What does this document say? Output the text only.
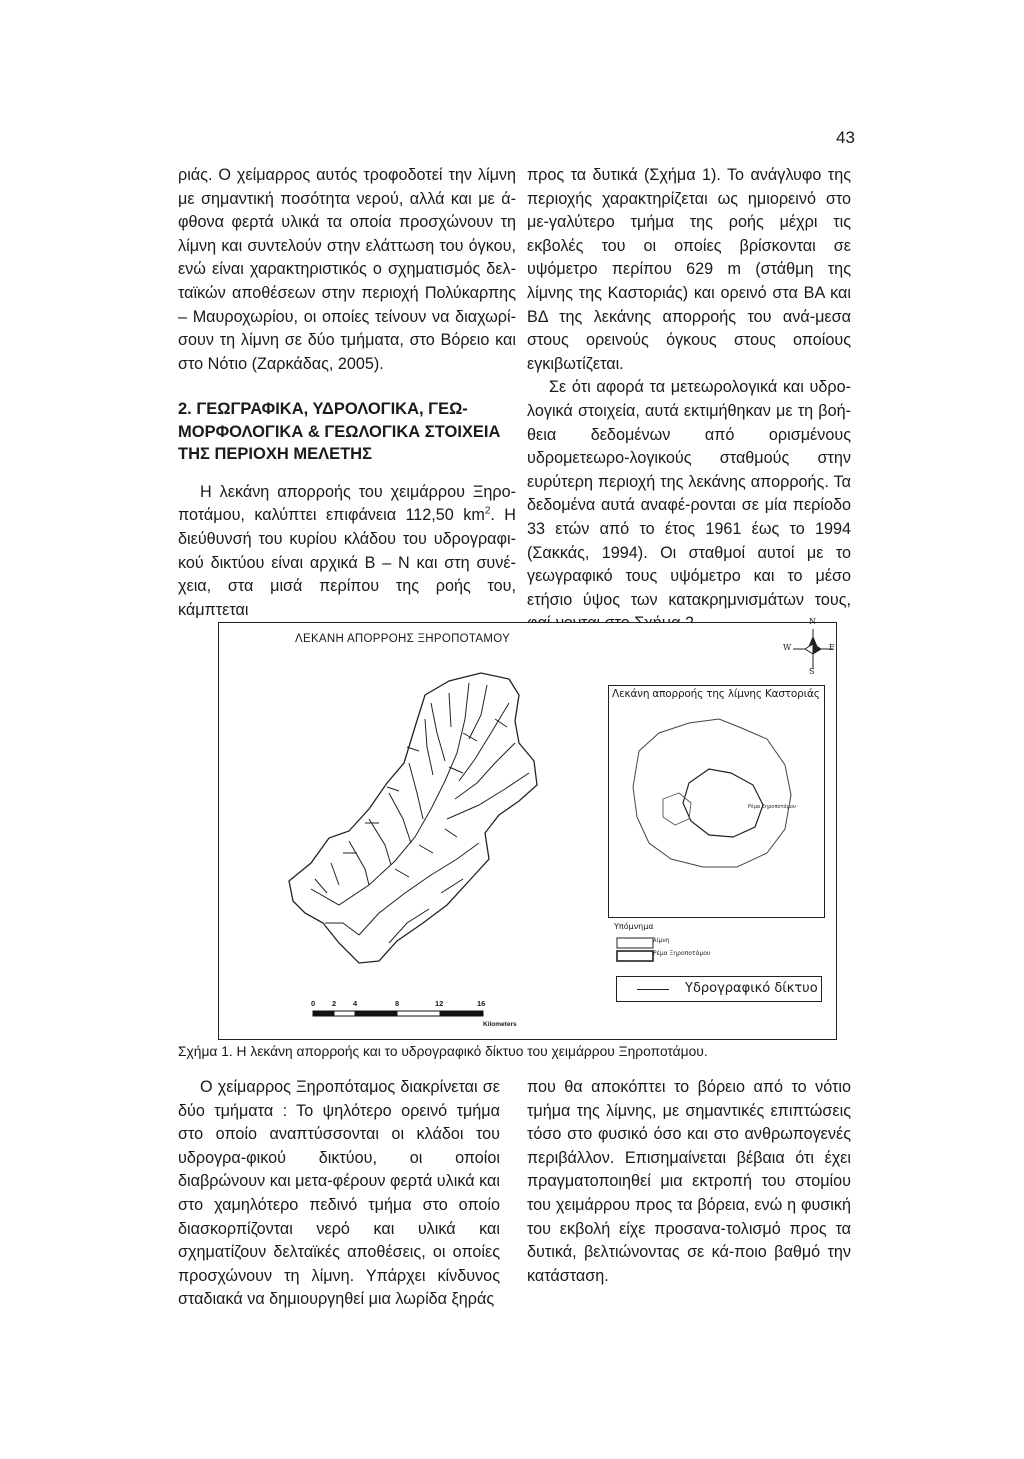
43

ριάς. Ο χείμαρρος αυτός τροφοδοτεί την λίμνη με σημαντική ποσότητα νερού, αλλά και με ά-φθονα φερτά υλικά τα οποία προσχώνουν τη λίμνη και συντελούν στην ελάττωση του όγκου, ενώ είναι χαρακτηριστικός ο σχηματισμός δελ-ταϊκών αποθέσεων στην περιοχή Πολύκαρπης – Μαυροχωρίου, οι οποίες τείνουν να διαχωρί-σουν τη λίμνη σε δύο τμήματα, στο Βόρειο και στο Νότιο (Ζαρκάδας, 2005).

2. ΓΕΩΓΡΑΦΙΚΑ, ΥΔΡΟΛΟΓΙΚΑ, ΓΕΩ-ΜΟΡΦΟΛΟΓΙΚΑ & ΓΕΩΛΟΓΙΚΑ ΣΤΟΙΧΕΙΑ ΤΗΣ ΠΕΡΙΟΧΗ ΜΕΛΕΤΗΣ

Η λεκάνη απορροής του χειμάρρου Ξηρο-ποτάμου, καλύπτει επιφάνεια 112,50 $km^2$. Η διεύθυνσή του κυρίου κλάδου του υδρογραφι-κού δικτύου είναι αρχικά Β – Ν και στη συνέ-χεια, στα μισά περίπου της ροής του, κάμπτεται

προς τα δυτικά (Σχήμα 1). Το ανάγλυφο της περιοχής χαρακτηρίζεται ως ημιορεινό στο με-γαλύτερο τμήμα της ροής μέχρι τις εκβολές του οι οποίες βρίσκονται σε υψόμετρο περίπου 629 m (στάθμη της λίμνης της Καστοριάς) και ορεινό στα ΒΑ και ΒΔ της λεκάνης απορροής του ανά-μεσα στους ορεινούς όγκους στους οποίους εγκιβωτίζεται.

Σε ότι αφορά τα μετεωρολογικά και υδρο-λογικά στοιχεία, αυτά εκτιμήθηκαν με τη βοή-θεια δεδομένων από ορισμένους υδρομετεωρο-λογικούς σταθμούς στην ευρύτερη περιοχή της λεκάνης απορροής. Τα δεδομένα αυτά αναφέ-ρονται σε μία περίοδο 33 ετών από το έτος 1961 έως το 1994 (Σακκάς, 1994). Οι σταθμοί αυτοί με το γεωγραφικό τους υψόμετρο και το μέσο ετήσιο ύψος των κατακρημνισμάτων τους,

ΛΕΚΑΝΗ ΑΠΟΡΡΟΗΣ ΞΗΡΟΠΟΤΑΜΟΥ
N
S
W	E
Λεκάνη απορροής της λίμνης Καστοριάς
Ρέμα Ξηροποτάμου
Υπόμνημα
λίμνη
Ρέμα Ξηροποτάμου
Υδρογραφικό δίκτυο
0 2 4	8	12	16
Kilometers
Σχήμα 1. Η λεκάνη απορροής και το υδρογραφικό δίκτυο του χειμάρρου Ξηροποτάμου.

Ο χείμαρρος Ξηροπόταμος διακρίνεται σε δύο τμήματα : Το ψηλότερο ορεινό τμήμα στο οποίο αναπτύσσονται οι κλάδοι του υδρογρα-φικού δικτύου, οι οποίοι διαβρώνουν και μετα-φέρουν φερτά υλικά και στο χαμηλότερο πεδινό τμήμα στο οποίο διασκορπίζονται νερό και υλικά και σχηματίζουν δελταϊκές αποθέσεις, οι οποίες προσχώνουν τη λίμνη. Υπάρχει κίνδυνος σταδιακά να δημιουργηθεί μια λωρίδα ξηράς

που θα αποκόπτει το βόρειο από το νότιο τμήμα της λίμνης, με σημαντικές επιπτώσεις τόσο στο φυσικό όσο και στο ανθρωπογενές περιβάλλον. Επισημαίνεται βέβαια ότι έχει πραγματοποιηθεί μια εκτροπή του στομίου του χειμάρρου προς τα βόρεια, ενώ η φυσική του εκβολή είχε προσανα-τολισμό προς τα δυτικά, βελτιώνοντας σε κά-ποιο βαθμό την κατάσταση.
